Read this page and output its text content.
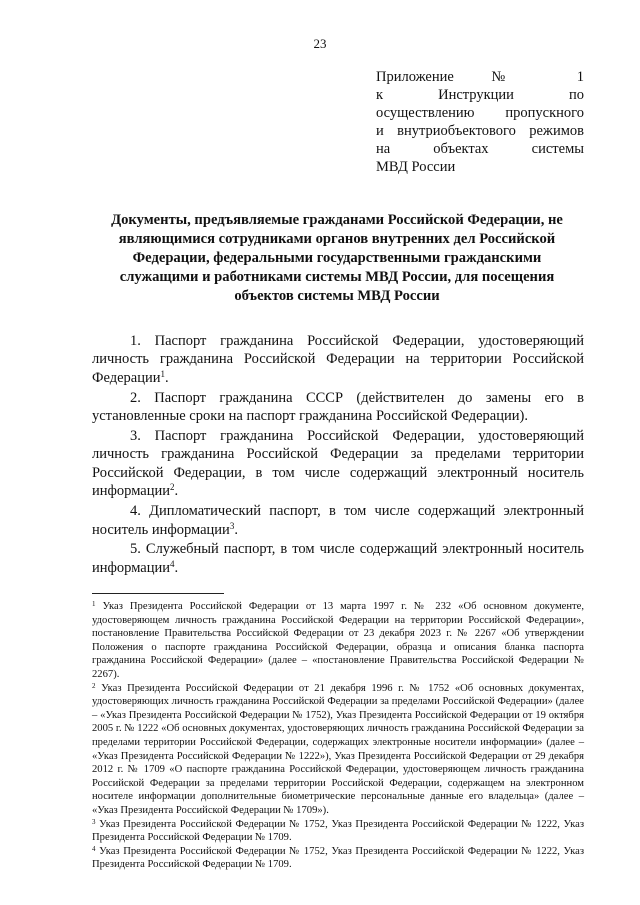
23
Приложение № 1
к Инструкции по
осуществлению пропускного
и внутриобъектового режимов
на объектах системы
МВД России
Документы, предъявляемые гражданами Российской Федерации, не являющимися сотрудниками органов внутренних дел Российской Федерации, федеральными государственными гражданскими служащими и работниками системы МВД России, для посещения объектов системы МВД России

1. Паспорт гражданина Российской Федерации, удостоверяющий личность гражданина Российской Федерации на территории Российской Федерации$^1$.

2. Паспорт гражданина СССР (действителен до замены его в установленные сроки на паспорт гражданина Российской Федерации).

3. Паспорт гражданина Российской Федерации, удостоверяющий личность гражданина Российской Федерации за пределами территории Российской Федерации, в том числе содержащий электронный носитель информации$^2$.

4. Дипломатический паспорт, в том числе содержащий электронный носитель информации$^3$.

5. Служебный паспорт, в том числе содержащий электронный носитель информации$^4$.

$^1$ Указ Президента Российской Федерации от 13 марта 1997 г. № 232 «Об основном документе, удостоверяющем личность гражданина Российской Федерации на территории Российской Федерации», постановление Правительства Российской Федерации от 23 декабря 2023 г. № 2267 «Об утверждении Положения о паспорте гражданина Российской Федерации, образца и описания бланка паспорта гражданина Российской Федерации» (далее – «постановление Правительства Российской Федерации № 2267).

$^2$ Указ Президента Российской Федерации от 21 декабря 1996 г. № 1752 «Об основных документах, удостоверяющих личность гражданина Российской Федерации за пределами Российской Федерации» (далее – «Указ Президента Российской Федерации № 1752), Указ Президента Российской Федерации от 19 октября 2005 г. № 1222 «Об основных документах, удостоверяющих личность гражданина Российской Федерации за пределами территории Российской Федерации, содержащих электронные носители информации» (далее – «Указ Президента Российской Федерации № 1222»), Указ Президента Российской Федерации от 29 декабря 2012 г. № 1709 «О паспорте гражданина Российской Федерации, удостоверяющем личность гражданина Российской Федерации за пределами территории Российской Федерации, содержащем на электронном носителе информации дополнительные биометрические персональные данные его владельца» (далее – «Указ Президента Российской Федерации № 1709»).

$^3$ Указ Президента Российской Федерации № 1752, Указ Президента Российской Федерации № 1222, Указ Президента Российской Федерации № 1709.

$^4$ Указ Президента Российской Федерации № 1752, Указ Президента Российской Федерации № 1222, Указ Президента Российской Федерации № 1709.
